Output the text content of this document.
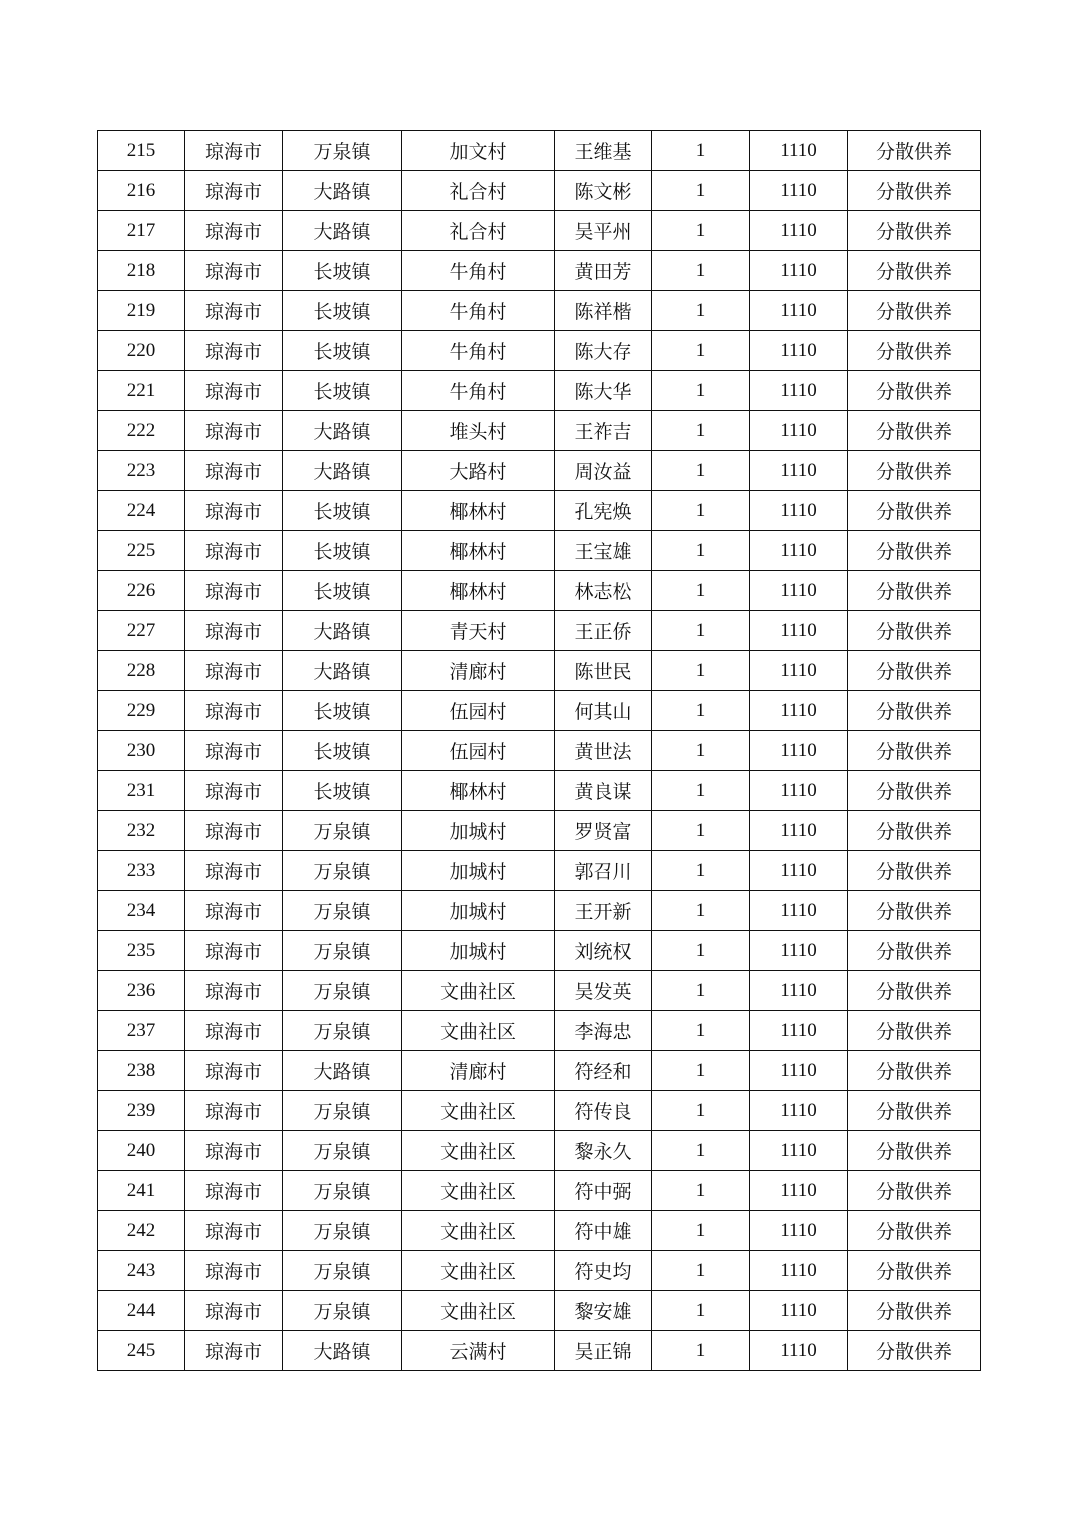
215	琼海市	万泉镇	加文村	王维基	1	1110	分散供养
216	琼海市	大路镇	礼合村	陈文彬	1	1110	分散供养
217	琼海市	大路镇	礼合村	吴平州	1	1110	分散供养
218	琼海市	长坡镇	牛角村	黄田芳	1	1110	分散供养
219	琼海市	长坡镇	牛角村	陈祥楷	1	1110	分散供养
220	琼海市	长坡镇	牛角村	陈大存	1	1110	分散供养
221	琼海市	长坡镇	牛角村	陈大华	1	1110	分散供养
222	琼海市	大路镇	堆头村	王祚吉	1	1110	分散供养
223	琼海市	大路镇	大路村	周汝益	1	1110	分散供养
224	琼海市	长坡镇	椰林村	孔宪焕	1	1110	分散供养
225	琼海市	长坡镇	椰林村	王宝雄	1	1110	分散供养
226	琼海市	长坡镇	椰林村	林志松	1	1110	分散供养
227	琼海市	大路镇	青天村	王正侨	1	1110	分散供养
228	琼海市	大路镇	清廊村	陈世民	1	1110	分散供养
229	琼海市	长坡镇	伍园村	何其山	1	1110	分散供养
230	琼海市	长坡镇	伍园村	黄世法	1	1110	分散供养
231	琼海市	长坡镇	椰林村	黄良谋	1	1110	分散供养
232	琼海市	万泉镇	加城村	罗贤富	1	1110	分散供养
233	琼海市	万泉镇	加城村	郭召川	1	1110	分散供养
234	琼海市	万泉镇	加城村	王开新	1	1110	分散供养
235	琼海市	万泉镇	加城村	刘统权	1	1110	分散供养
236	琼海市	万泉镇	文曲社区	吴发英	1	1110	分散供养
237	琼海市	万泉镇	文曲社区	李海忠	1	1110	分散供养
238	琼海市	大路镇	清廊村	符经和	1	1110	分散供养
239	琼海市	万泉镇	文曲社区	符传良	1	1110	分散供养
240	琼海市	万泉镇	文曲社区	黎永久	1	1110	分散供养
241	琼海市	万泉镇	文曲社区	符中弼	1	1110	分散供养
242	琼海市	万泉镇	文曲社区	符中雄	1	1110	分散供养
243	琼海市	万泉镇	文曲社区	符史均	1	1110	分散供养
244	琼海市	万泉镇	文曲社区	黎安雄	1	1110	分散供养
245	琼海市	大路镇	云满村	吴正锦	1	1110	分散供养
